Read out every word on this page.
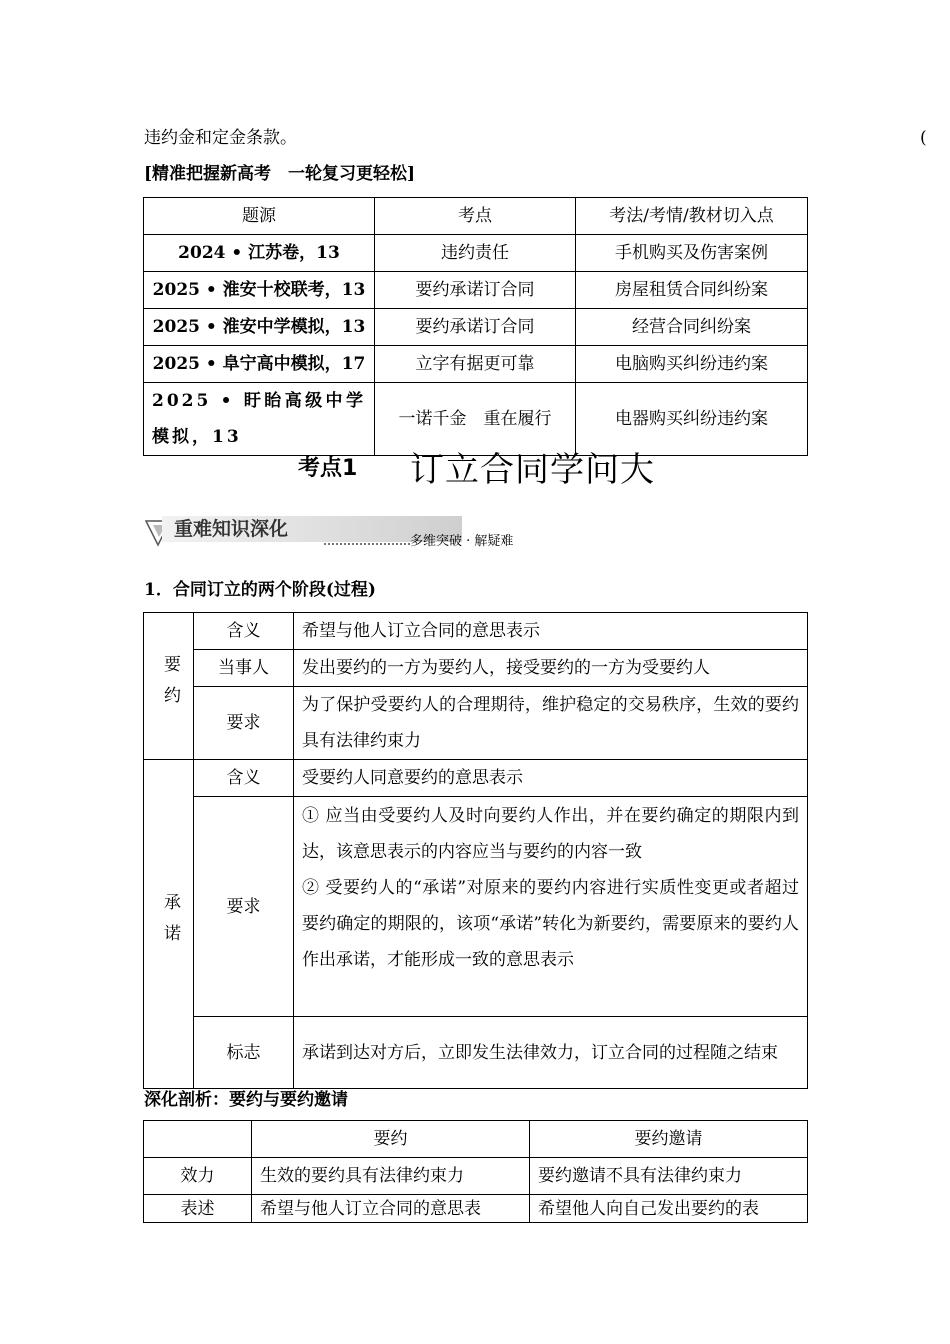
违约金和定金条款。	(
[精准把握新高考　一轮复习更轻松]
题源	考点	考法/考情/教材切入点
2024 • 江苏卷，13	违约责任	手机购买及伤害案例
2025 • 淮安十校联考，13	要约承诺订合同	房屋租赁合同纠纷案
2025 • 淮安中学模拟，13	要约承诺订合同	经营合同纠纷案
2025 • 阜宁高中模拟，17	立字有据更可靠	电脑购买纠纷违约案
2025 • 盱眙高级中学模拟，13	一诺千金　重在履行	电器购买纠纷违约案
考点1 订立合同学问大
重难知识深化
多维突破 · 解疑难
1．合同订立的两个阶段(过程)
要约	含义	希望与他人订立合同的意思表示
	当事人	发出要约的一方为要约人，接受要约的一方为受要约人
	要求	为了保护受要约人的合理期待，维护稳定的交易秩序，生效的要约具有法律约束力

承诺	含义	受要约人同意要约的意思表示
	要求	① 应当由受要约人及时向要约人作出，并在要约确定的期限内到达，该意思表示的内容应当与要约的内容一致
② 受要约人的“承诺”对原来的要约内容进行实质性变更或者超过要约确定的期限的，该项“承诺”转化为新要约，需要原来的要约人作出承诺，才能形成一致的意思表示

	标志	承诺到达对方后，立即发生法律效力，订立合同的过程随之结束
深化剖析：要约与要约邀请
	要约	要约邀请
效力	生效的要约具有法律约束力	要约邀请不具有法律约束力
表述	希望与他人订立合同的意思表	希望他人向自己发出要约的表
